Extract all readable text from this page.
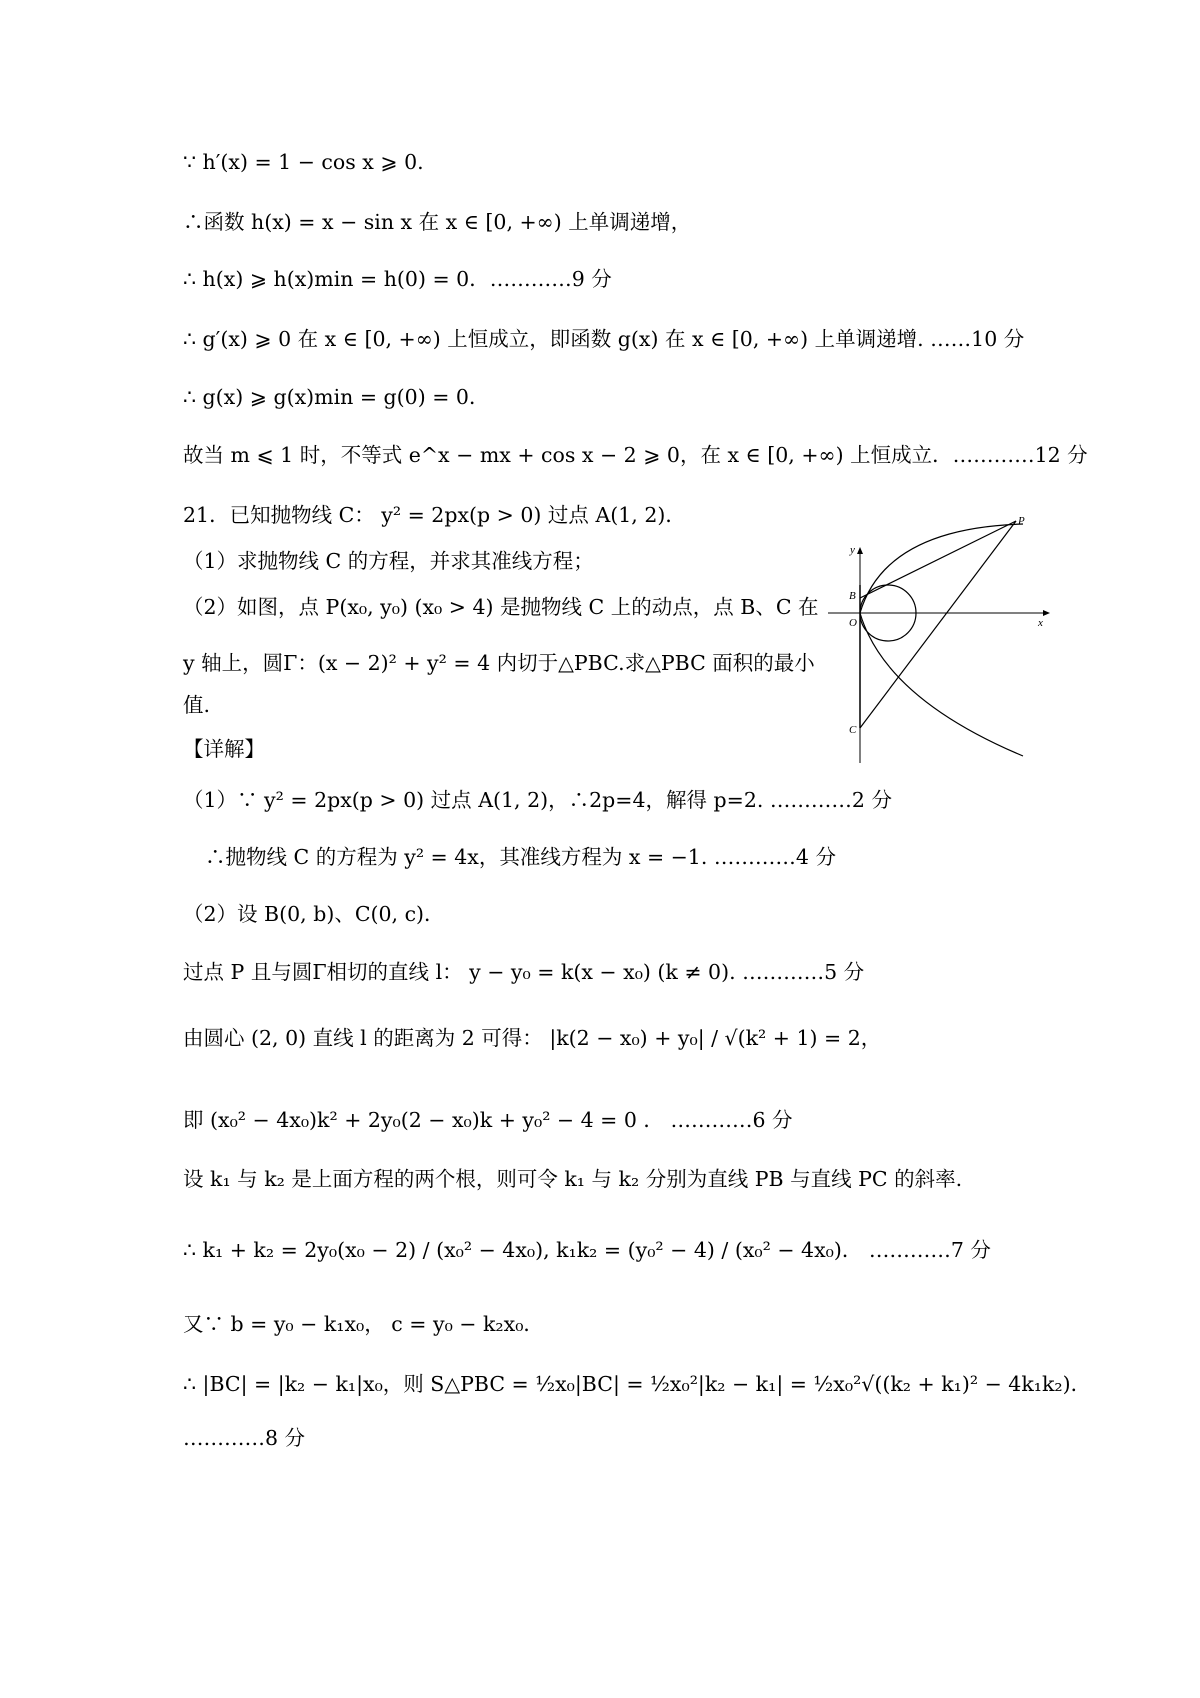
∵ h′(x) = 1 − cos x ⩾ 0.
∴函数 h(x) = x − sin x 在 x ∈ [0, +∞) 上单调递增，
∴ h(x) ⩾ h(x)min = h(0) = 0．…………9 分
∴ g′(x) ⩾ 0 在 x ∈ [0, +∞) 上恒成立，即函数 g(x) 在 x ∈ [0, +∞) 上单调递增. ……10 分
∴ g(x) ⩾ g(x)min = g(0) = 0．
故当 m ⩽ 1 时，不等式 e^x − mx + cos x − 2 ⩾ 0，在 x ∈ [0, +∞) 上恒成立．…………12 分
21．已知抛物线 C： y² = 2px(p > 0) 过点 A(1, 2)．
（1）求抛物线 C 的方程，并求其准线方程；
（2）如图，点 P(x₀, y₀) (x₀ > 4) 是抛物线 C 上的动点，点 B、C 在
y 轴上，圆Γ：(x − 2)² + y² = 4 内切于△PBC.求△PBC 面积的最小
值.
y
x
P
B
O
C
【详解】
（1）∵ y² = 2px(p > 0) 过点 A(1, 2)，∴2p=4，解得 p=2. …………2 分
∴抛物线 C 的方程为 y² = 4x，其准线方程为 x = −1. …………4 分
（2）设 B(0, b)、C(0, c)．
过点 P 且与圆Γ相切的直线 l： y − y₀ = k(x − x₀) (k ≠ 0). …………5 分
由圆心 (2, 0) 直线 l 的距离为 2 可得： |k(2 − x₀) + y₀| / √(k² + 1) = 2，
即 (x₀² − 4x₀)k² + 2y₀(2 − x₀)k + y₀² − 4 = 0 ． …………6 分
设 k₁ 与 k₂ 是上面方程的两个根，则可令 k₁ 与 k₂ 分别为直线 PB 与直线 PC 的斜率.
∴ k₁ + k₂ = 2y₀(x₀ − 2) / (x₀² − 4x₀), k₁k₂ = (y₀² − 4) / (x₀² − 4x₀)． …………7 分
又∵ b = y₀ − k₁x₀， c = y₀ − k₂x₀．
∴ |BC| = |k₂ − k₁|x₀，则 S△PBC = ½x₀|BC| = ½x₀²|k₂ − k₁| = ½x₀²√((k₂ + k₁)² − 4k₁k₂)．
…………8 分
